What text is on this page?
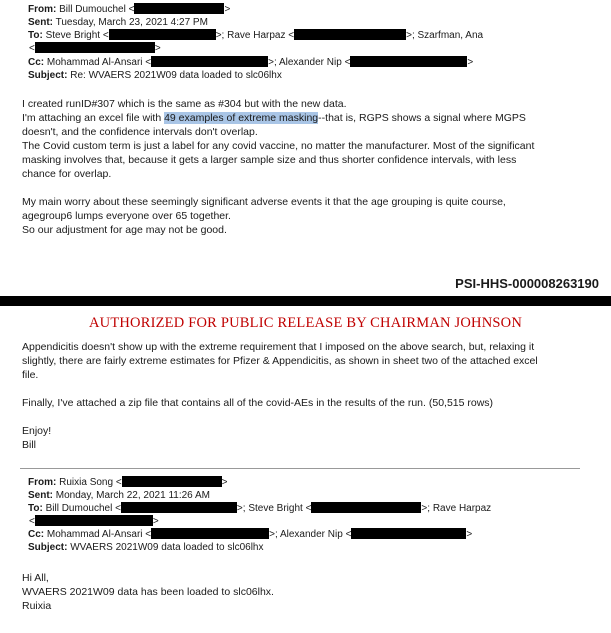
From: Bill Dumouchel <	>
Sent: Tuesday, March 23, 2021 4:27 PM
To: Steve Bright <	>; Rave Harpaz <	>; Szarfman, Ana
<	>
Cc: Mohammad Al-Ansari <	>; Alexander Nip <	>
Subject: Re: WVAERS 2021W09 data loaded to slc06lhx

I created runID#307 which is the same as #304 but with the new data.

I'm attaching an excel file with 49 examples of extreme masking--that is, RGPS shows a signal where MGPS

doesn't, and the confidence intervals don't overlap.

The Covid custom term is just a label for any covid vaccine, no matter the manufacturer. Most of the significant

masking involves that, because it gets a larger sample size and thus shorter confidence intervals, with less

chance for overlap.

My main worry about these seemingly significant adverse events it that the age grouping is quite course,

agegroup6 lumps everyone over 65 together.

So our adjustment for age may not be good.

PSI-HHS-000008263190
AUTHORIZED FOR PUBLIC RELEASE BY CHAIRMAN JOHNSON

Appendicitis doesn't show up with the extreme requirement that I imposed on the above search, but, relaxing it

slightly, there are fairly extreme estimates for Pfizer & Appendicitis, as shown in sheet two of the attached excel

file.

Finally, I've attached a zip file that contains all of the covid-AEs in the results of the run. (50,515 rows)

Enjoy!

Bill

From: Ruixia Song <	>
Sent: Monday, March 22, 2021 11:26 AM
To: Bill Dumouchel <	>; Steve Bright <	>; Rave Harpaz
<	>
Cc: Mohammad Al-Ansari <	>; Alexander Nip <	>
Subject: WVAERS 2021W09 data loaded to slc06lhx

Hi All,

WVAERS 2021W09 data has been loaded to slc06lhx.

Ruixia
